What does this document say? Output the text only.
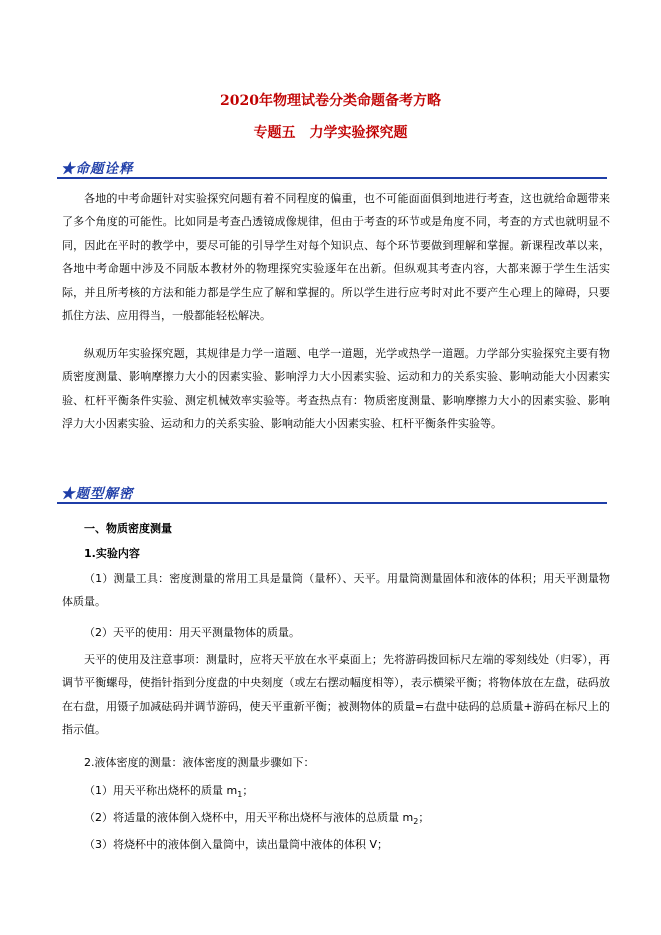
2020年物理试卷分类命题备考方略
专题五　力学实验探究题
★命题诠释

各地的中考命题针对实验探究问题有着不同程度的偏重，也不可能面面俱到地进行考查，这也就给命题带来了多个角度的可能性。比如同是考查凸透镜成像规律，但由于考查的环节或是角度不同，考查的方式也就明显不同，因此在平时的教学中，要尽可能的引导学生对每个知识点、每个环节要做到理解和掌握。新课程改革以来，各地中考命题中涉及不同版本教材外的物理探究实验逐年在出新。但纵观其考查内容，大都来源于学生生活实际，并且所考核的方法和能力都是学生应了解和掌握的。所以学生进行应考时对此不要产生心理上的障碍，只要抓住方法、应用得当，一般都能轻松解决。

纵观历年实验探究题，其规律是力学一道题、电学一道题，光学或热学一道题。力学部分实验探究主要有物质密度测量、影响摩擦力大小的因素实验、影响浮力大小因素实验、运动和力的关系实验、影响动能大小因素实验、杠杆平衡条件实验、测定机械效率实验等。考查热点有：物质密度测量、影响摩擦力大小的因素实验、影响浮力大小因素实验、运动和力的关系实验、影响动能大小因素实验、杠杆平衡条件实验等。

★题型解密
一、物质密度测量
1.实验内容

（1）测量工具：密度测量的常用工具是量筒（量杯）、天平。用量筒测量固体和液体的体积；用天平测量物体质量。

（2）天平的使用：用天平测量物体的质量。

天平的使用及注意事项：测量时，应将天平放在水平桌面上；先将游码拨回标尺左端的零刻线处（归零），再调节平衡螺母，使指针指到分度盘的中央刻度（或左右摆动幅度相等），表示横梁平衡；将物体放在左盘，砝码放在右盘，用镊子加减砝码并调节游码，使天平重新平衡；被测物体的质量=右盘中砝码的总质量+游码在标尺上的指示值。

2.液体密度的测量：液体密度的测量步骤如下：

（1）用天平称出烧杯的质量 $m_1$；
（2）将适量的液体倒入烧杯中，用天平称出烧杯与液体的总质量 $m_2$；
（3）将烧杯中的液体倒入量筒中，读出量筒中液体的体积 V；
